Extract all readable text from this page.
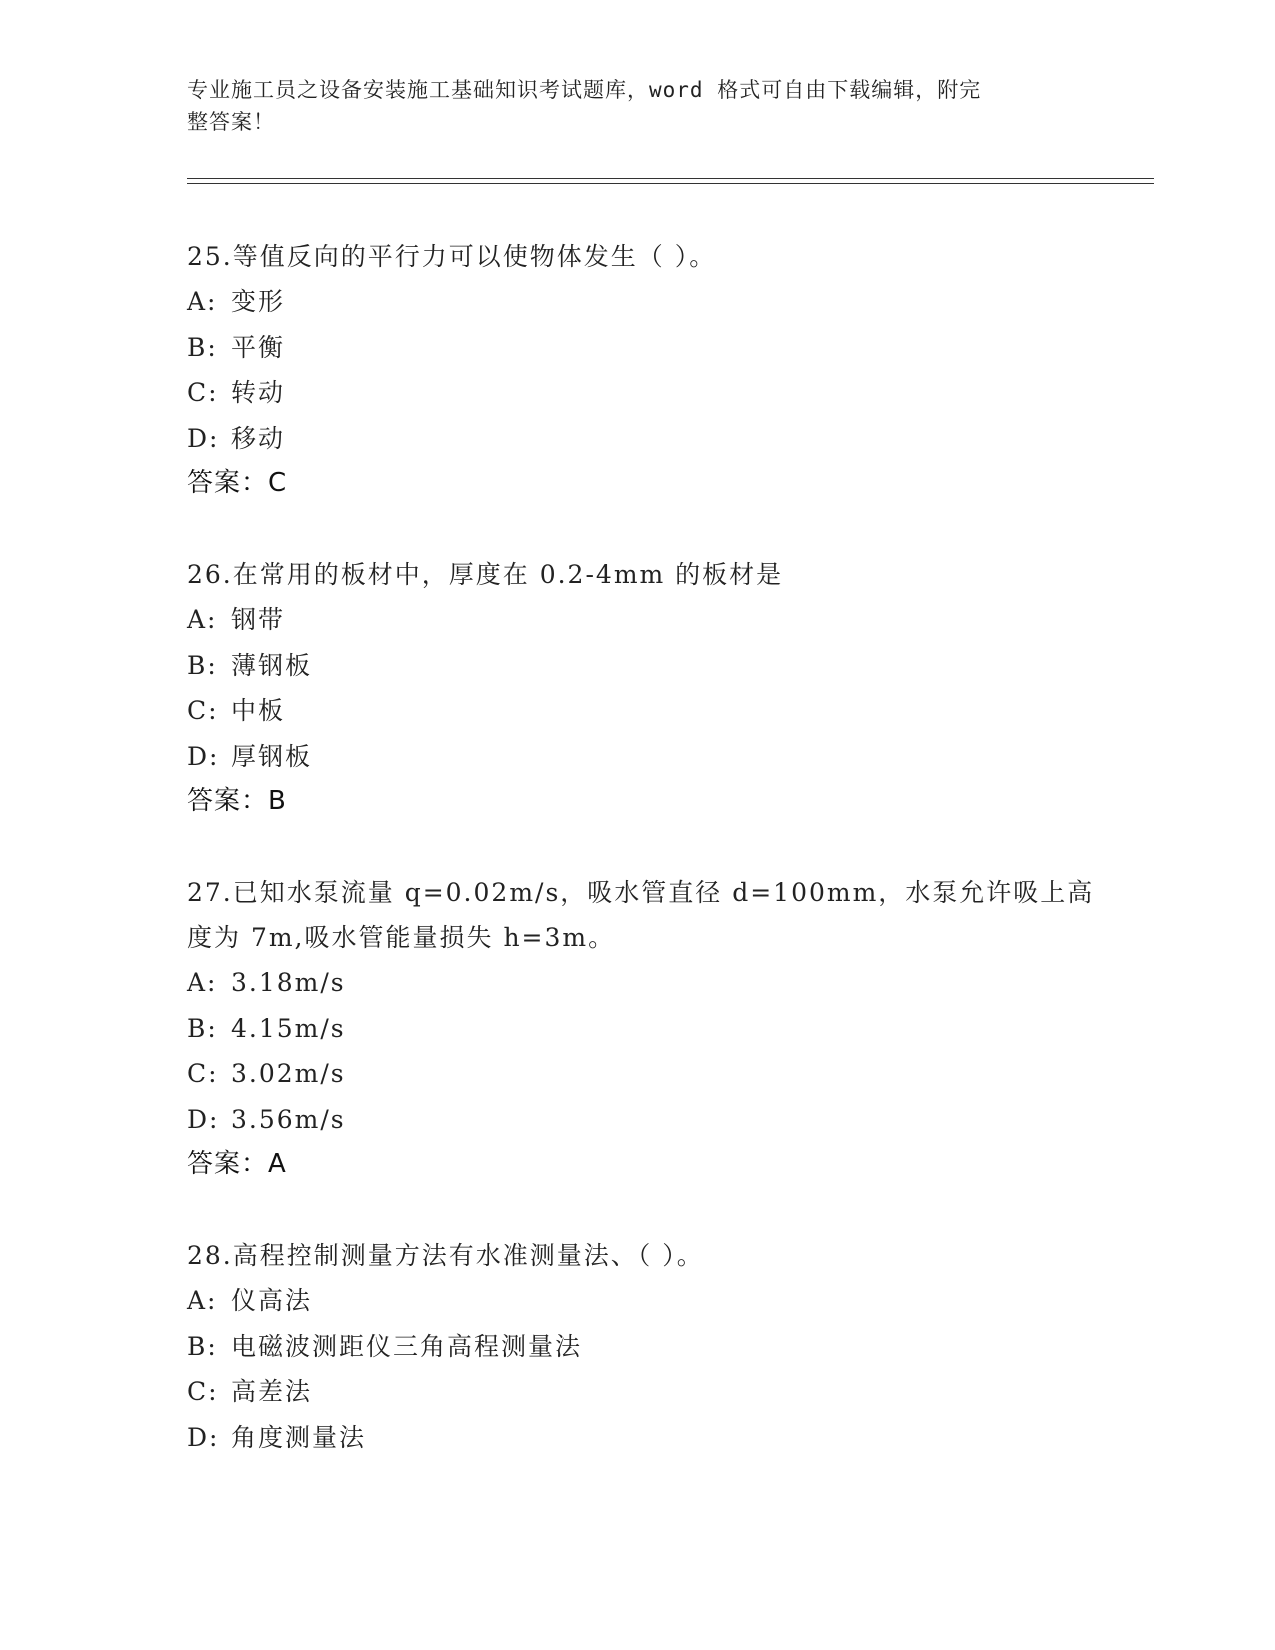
专业施工员之设备安装施工基础知识考试题库，word 格式可自由下载编辑，附完
整答案！
25.等值反向的平行力可以使物体发生（ ）。
A: 变形
B: 平衡
C: 转动
D: 移动
答案：C
26.在常用的板材中，厚度在 0.2-4mm 的板材是
A: 钢带
B: 薄钢板
C: 中板
D: 厚钢板
答案：B
27.已知水泵流量 q=0.02m/s，吸水管直径 d=100mm，水泵允许吸上高
度为 7m,吸水管能量损失 h=3m。
A: 3.18m/s
B: 4.15m/s
C: 3.02m/s
D: 3.56m/s
答案：A
28.高程控制测量方法有水准测量法、（ ）。
A: 仪高法
B: 电磁波测距仪三角高程测量法
C: 高差法
D: 角度测量法
